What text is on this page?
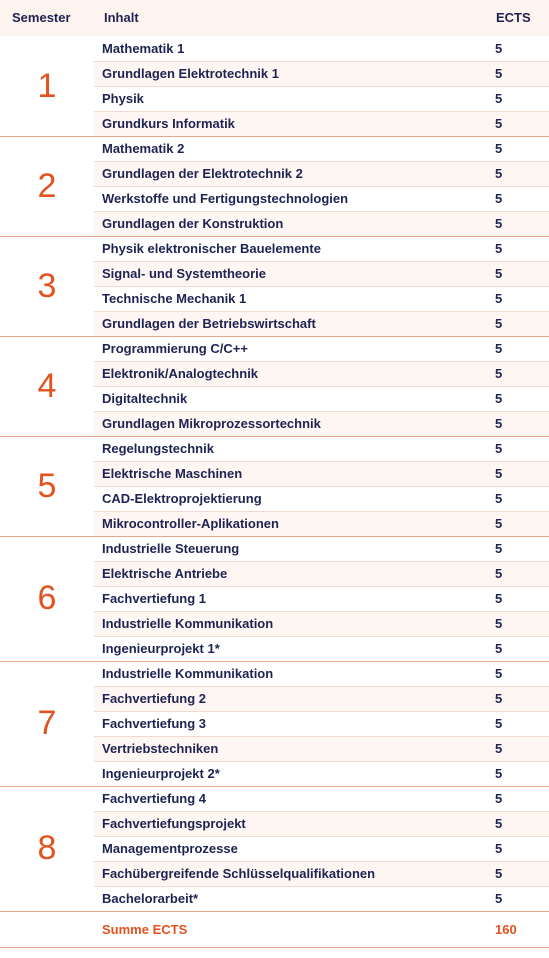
Semester	Inhalt	ECTS
1	Mathematik 1	5
	Grundlagen Elektrotechnik 1	5
	Physik	5
	Grundkurs Informatik	5
2	Mathematik 2	5
	Grundlagen der Elektrotechnik 2	5
	Werkstoffe und Fertigungstechnologien	5
	Grundlagen der Konstruktion	5
3	Physik elektronischer Bauelemente	5
	Signal- und Systemtheorie	5
	Technische Mechanik 1	5
	Grundlagen der Betriebswirtschaft	5
4	Programmierung C/C++	5
	Elektronik/Analogtechnik	5
	Digitaltechnik	5
	Grundlagen Mikroprozessortechnik	5
5	Regelungstechnik	5
	Elektrische Maschinen	5
	CAD-Elektroprojektierung	5
	Mikrocontroller-Aplikationen	5
6	Industrielle Steuerung	5
	Elektrische Antriebe	5
	Fachvertiefung 1	5
	Industrielle Kommunikation	5
	Ingenieurprojekt 1*	5
7	Industrielle Kommunikation	5
	Fachvertiefung 2	5
	Fachvertiefung 3	5
	Vertriebstechniken	5
	Ingenieurprojekt 2*	5
8	Fachvertiefung 4	5
	Fachvertiefungsprojekt	5
	Managementprozesse	5
	Fachübergreifende Schlüsselqualifikationen	5
	Bachelorarbeit*	5
	Summe ECTS	160
